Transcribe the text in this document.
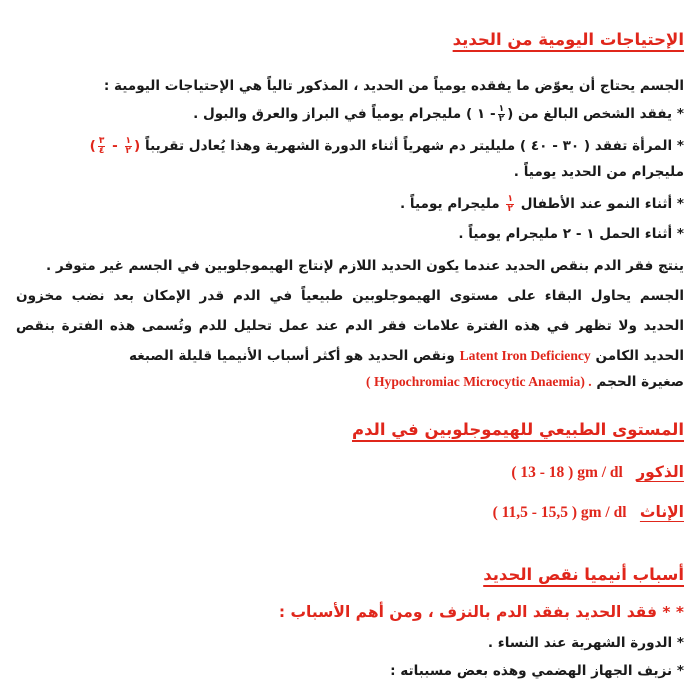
الإحتياجات اليومية من الحديد
الجسم يحتاج أن يعوّض ما يفقده يومياً من الحديد ، المذكور تالياً هي الإحتياجات اليومية :
* يفقد الشخص البالغ من (
$\frac{١}{٢}$
- ١ ) مليجرام يومياً في البراز والعرق والبول .
* المرأة تفقد ( ٣٠ - ٤٠ ) مليليتر دم شهرياً أثناء الدورة الشهرية وهذا يُعادل تقريباً (
$\frac{١}{٢}$
-
$\frac{٣}{٤}$
)
مليجرام من الحديد يومياً .
* أثناء النمو عند الأطفال
$\frac{١}{٢}$
مليجرام يومياً .
* أثناء الحمل ١ - ٢ مليجرام يومياً .
ينتج فقر الدم بنقص الحديد عندما يكون الحديد اللازم لإنتاج الهيموجلوبين في الجسم غير متوفر .
الجسم يحاول البقاء على مستوى الهيموجلوبين طبيعياً في الدم قدر الإمكان بعد نضب مخزون
الحديد ولا تظهر في هذه الفترة علامات فقر الدم عند عمل تحليل للدم وتُسمى هذه الفترة بنقص
الحديد الكامن Latent Iron Deficiency ونقص الحديد هو أكثر أسباب الأنيميا قليلة الصبغه
صغيرة الحجم ( Hypochromiac Microcytic Anaemia) .
المستوى الطبيعي للهيموجلوبين في الدم
الذكور ( 13 - 18 ) gm / dl
الإناث ( 11,5 - 15,5 ) gm / dl
أسباب أنيميا نقص الحديد
* * فقد الحديد بفقد الدم بالنزف ، ومن أهم الأسباب :
* الدورة الشهرية عند النساء .
* نزيف الجهاز الهضمي وهذه بعض مسبباته :
